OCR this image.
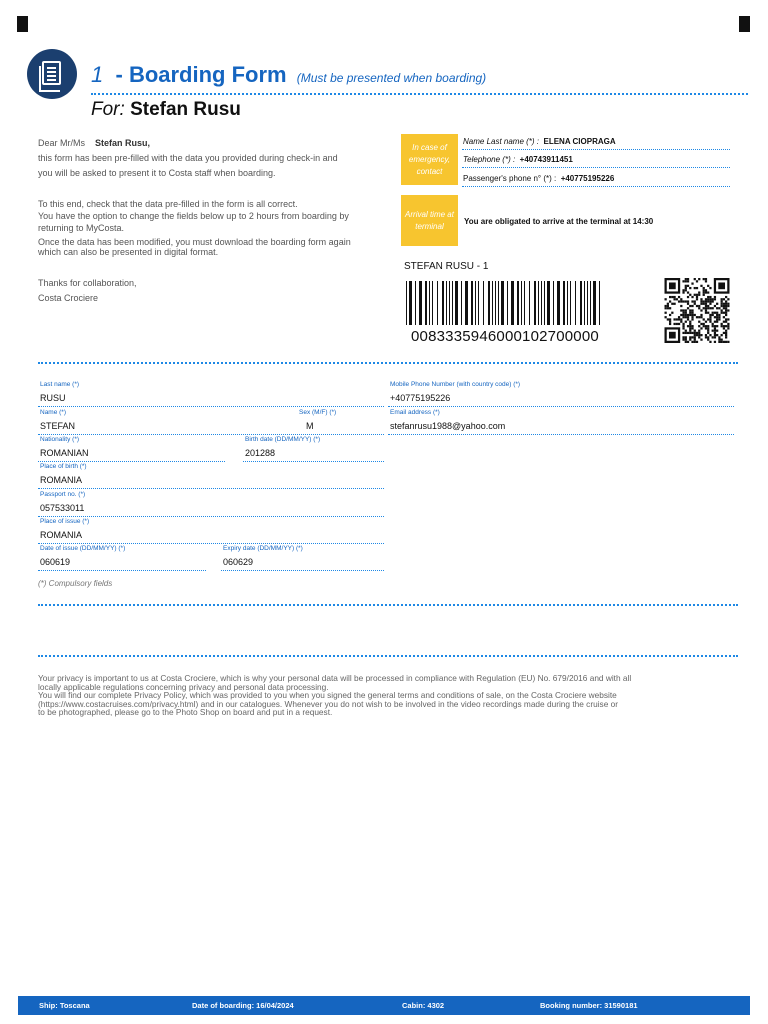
1  - Boarding Form (Must be presented when boarding)
For: Stefan Rusu
Dear Mr/Ms Stefan Rusu,
this form has been pre-filled with the data you provided during check-in and
you will be asked to present it to Costa staff when boarding.
To this end, check that the data pre-filled in the form is all correct.
You have the option to change the fields below up to 2 hours from boarding by
returning to MyCosta.
Once the data has been modified, you must download the boarding form again
which can also be presented in digital format.
Thanks for collaboration,
Costa Crociere
In case of emergency, contact
Name Last name (*) : ELENA CIOPRAGA
Telephone (*) : +40743911451
Passenger's phone n° (*) : +40775195226
Arrival time at terminal	You are obligated to arrive at the terminal at 14:30
STEFAN RUSU - 1
0083335946000102700000
Last name (*)
RUSU
Name (*)	Sex (M/F) (*)
STEFAN	M
Nationality (*)	Birth date (DD/MM/YY) (*)
ROMANIAN	201288
Place of birth (*)
ROMANIA
Passport no. (*)
057533011
Place of issue (*)
ROMANIA
Date of issue (DD/MM/YY) (*)	Expiry date (DD/MM/YY) (*)
060619	060629
(*) Compulsory fields
Mobile Phone Number (with country code) (*)
+40775195226
Email address (*)
stefanrusu1988@yahoo.com
Your privacy is important to us at Costa Crociere, which is why your personal data will be processed in compliance with Regulation (EU) No. 679/2016 and with all
locally applicable regulations concerning privacy and personal data processing.
You will find our complete Privacy Policy, which was provided to you when you signed the general terms and conditions of sale, on the Costa Crociere website
(https://www.costacruises.com/privacy.html) and in our catalogues. Whenever you do not wish to be involved in the video recordings made during the cruise or
to be photographed, please go to the Photo Shop on board and put in a request.
Ship: Toscana	Date of boarding: 16/04/2024	Cabin: 4302	Booking number: 31590181
